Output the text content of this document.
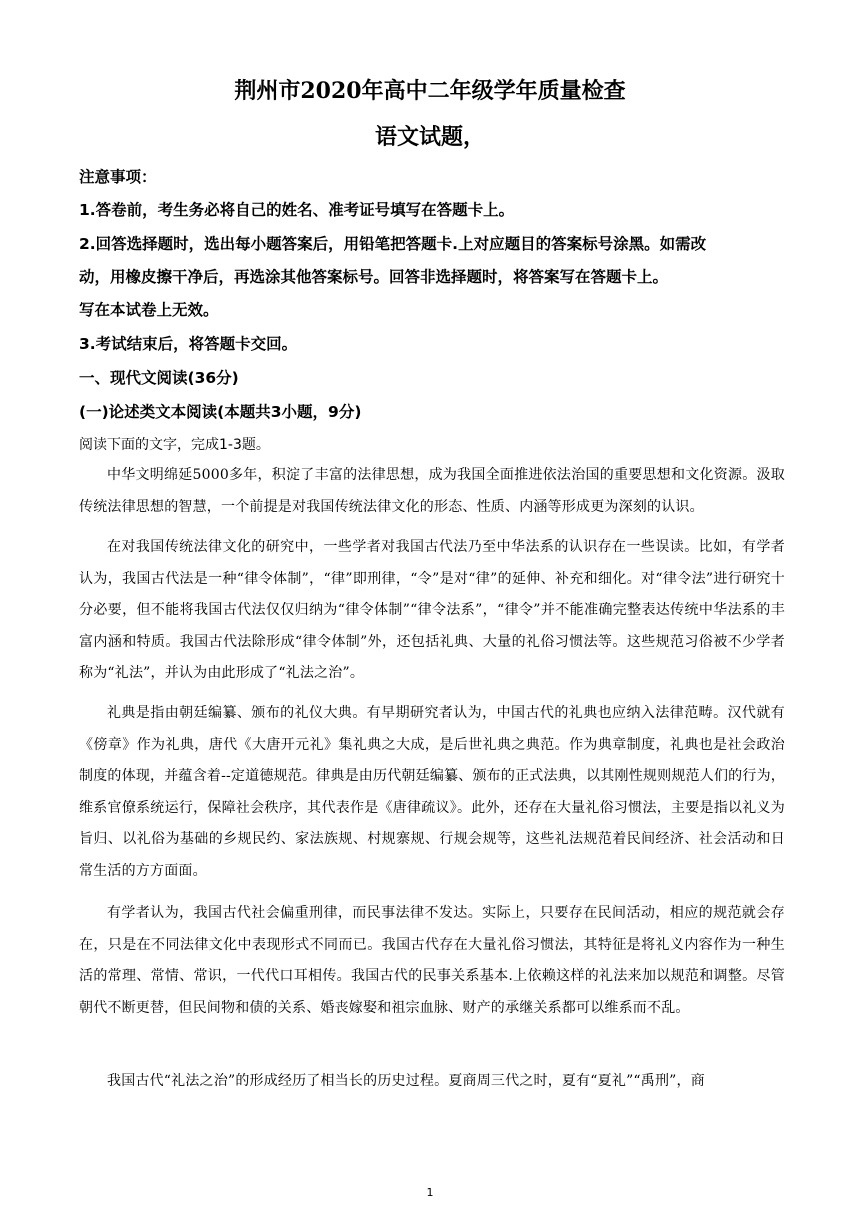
荆州市2020年高中二年级学年质量检查
语文试题，
注意事项：
1.答卷前，考生务必将自己的姓名、准考证号填写在答题卡上。
2.回答选择题时，选出每小题答案后，用铅笔把答题卡.上对应题目的答案标号涂黑。如需改
动，用橡皮擦干净后，再选涂其他答案标号。回答非选择题时，将答案写在答题卡上。
写在本试卷上无效。
3.考试结束后，将答题卡交回。
一、现代文阅读(36分)
(一)论述类文本阅读(本题共3小题，9分)
阅读下面的文字，完成1-3题。
中华文明绵延5000多年，积淀了丰富的法律思想，成为我国全面推进依法治国的重要思想和文化资源。汲取传统法律思想的智慧，一个前提是对我国传统法律文化的形态、性质、内涵等形成更为深刻的认识。
在对我国传统法律文化的研究中，一些学者对我国古代法乃至中华法系的认识存在一些误读。比如，有学者认为，我国古代法是一种“律令体制”，“律”即刑律，“令”是对“律”的延伸、补充和细化。对“律令法”进行研究十分必要，但不能将我国古代法仅仅归纳为“律令体制”“律令法系”，“律令”并不能准确完整表达传统中华法系的丰富内涵和特质。我国古代法除形成“律令体制”外，还包括礼典、大量的礼俗习惯法等。这些规范习俗被不少学者称为“礼法”，并认为由此形成了“礼法之治”。
礼典是指由朝廷编纂、颁布的礼仪大典。有早期研究者认为，中国古代的礼典也应纳入法律范畴。汉代就有《傍章》作为礼典，唐代《大唐开元礼》集礼典之大成，是后世礼典之典范。作为典章制度，礼典也是社会政治制度的体现，并蕴含着--定道德规范。律典是由历代朝廷编纂、颁布的正式法典，以其刚性规则规范人们的行为，维系官僚系统运行，保障社会秩序，其代表作是《唐律疏议》。此外，还存在大量礼俗习惯法，主要是指以礼义为旨归、以礼俗为基础的乡规民约、家法族规、村规寨规、行规会规等，这些礼法规范着民间经济、社会活动和日常生活的方方面面。
有学者认为，我国古代社会偏重刑律，而民事法律不发达。实际上，只要存在民间活动，相应的规范就会存在，只是在不同法律文化中表现形式不同而已。我国古代存在大量礼俗习惯法，其特征是将礼义内容作为一种生活的常理、常情、常识，一代代口耳相传。我国古代的民事关系基本.上依赖这样的礼法来加以规范和调整。尽管朝代不断更替，但民间物和债的关系、婚丧嫁娶和祖宗血脉、财产的承继关系都可以维系而不乱。
我国古代“礼法之治”的形成经历了相当长的历史过程。夏商周三代之时，夏有“夏礼”“禹刑”，商
1
